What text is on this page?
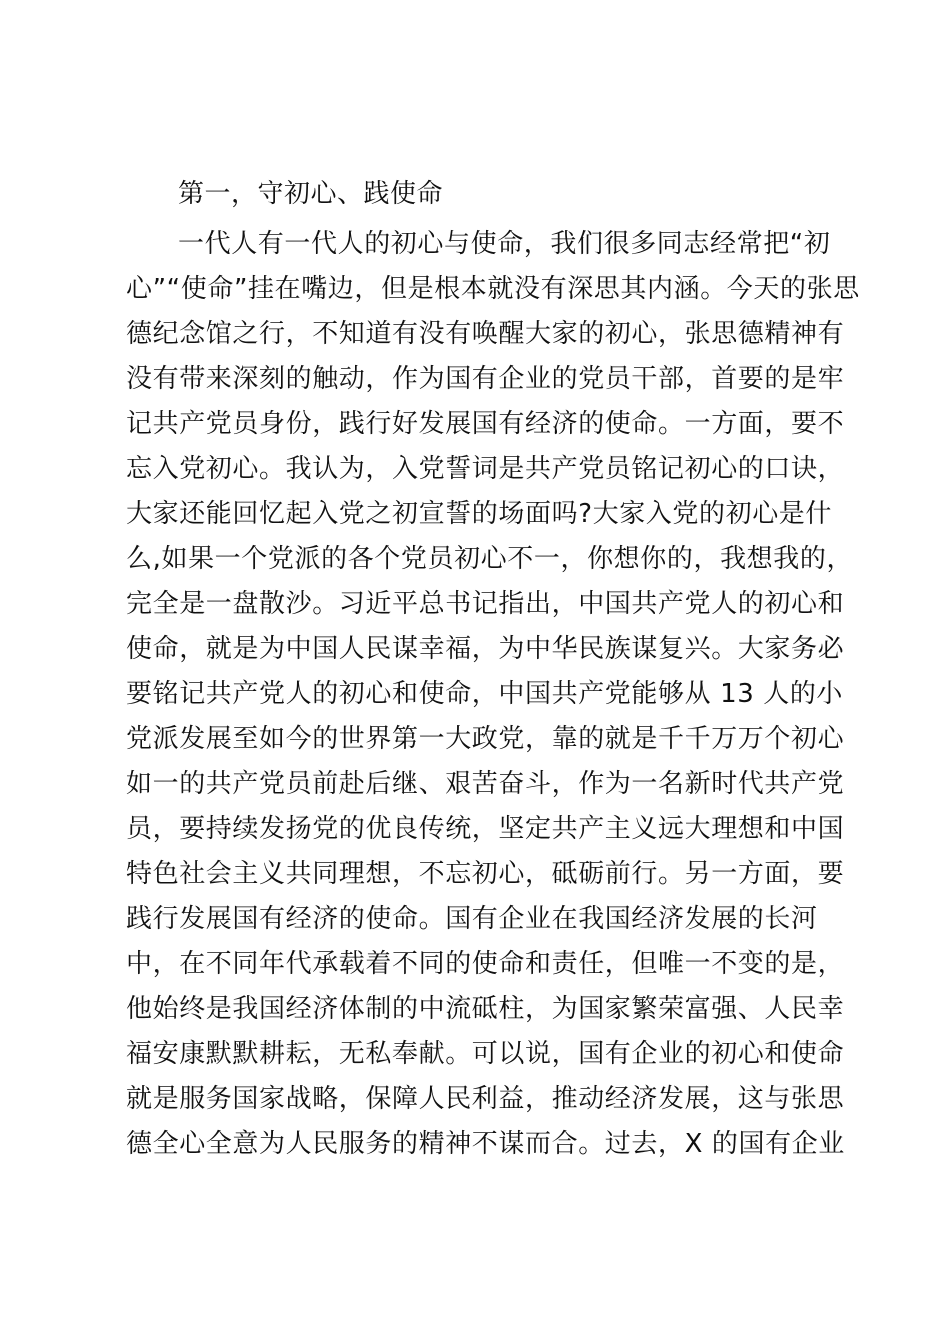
第一，守初心、践使命
一代人有一代人的初心与使命，我们很多同志经常把“初
心”“使命”挂在嘴边，但是根本就没有深思其内涵。今天的张思
德纪念馆之行，不知道有没有唤醒大家的初心，张思德精神有
没有带来深刻的触动，作为国有企业的党员干部，首要的是牢
记共产党员身份，践行好发展国有经济的使命。一方面，要不
忘入党初心。我认为，入党誓词是共产党员铭记初心的口诀，
大家还能回忆起入党之初宣誓的场面吗?大家入党的初心是什
么,如果一个党派的各个党员初心不一，你想你的，我想我的，
完全是一盘散沙。习近平总书记指出，中国共产党人的初心和
使命，就是为中国人民谋幸福，为中华民族谋复兴。大家务必
要铭记共产党人的初心和使命，中国共产党能够从 13 人的小
党派发展至如今的世界第一大政党，靠的就是千千万万个初心
如一的共产党员前赴后继、艰苦奋斗，作为一名新时代共产党
员，要持续发扬党的优良传统，坚定共产主义远大理想和中国
特色社会主义共同理想，不忘初心，砥砺前行。另一方面，要
践行发展国有经济的使命。国有企业在我国经济发展的长河
中，在不同年代承载着不同的使命和责任，但唯一不变的是，
他始终是我国经济体制的中流砥柱，为国家繁荣富强、人民幸
福安康默默耕耘，无私奉献。可以说，国有企业的初心和使命
就是服务国家战略，保障人民利益，推动经济发展，这与张思
德全心全意为人民服务的精神不谋而合。过去，X 的国有企业
